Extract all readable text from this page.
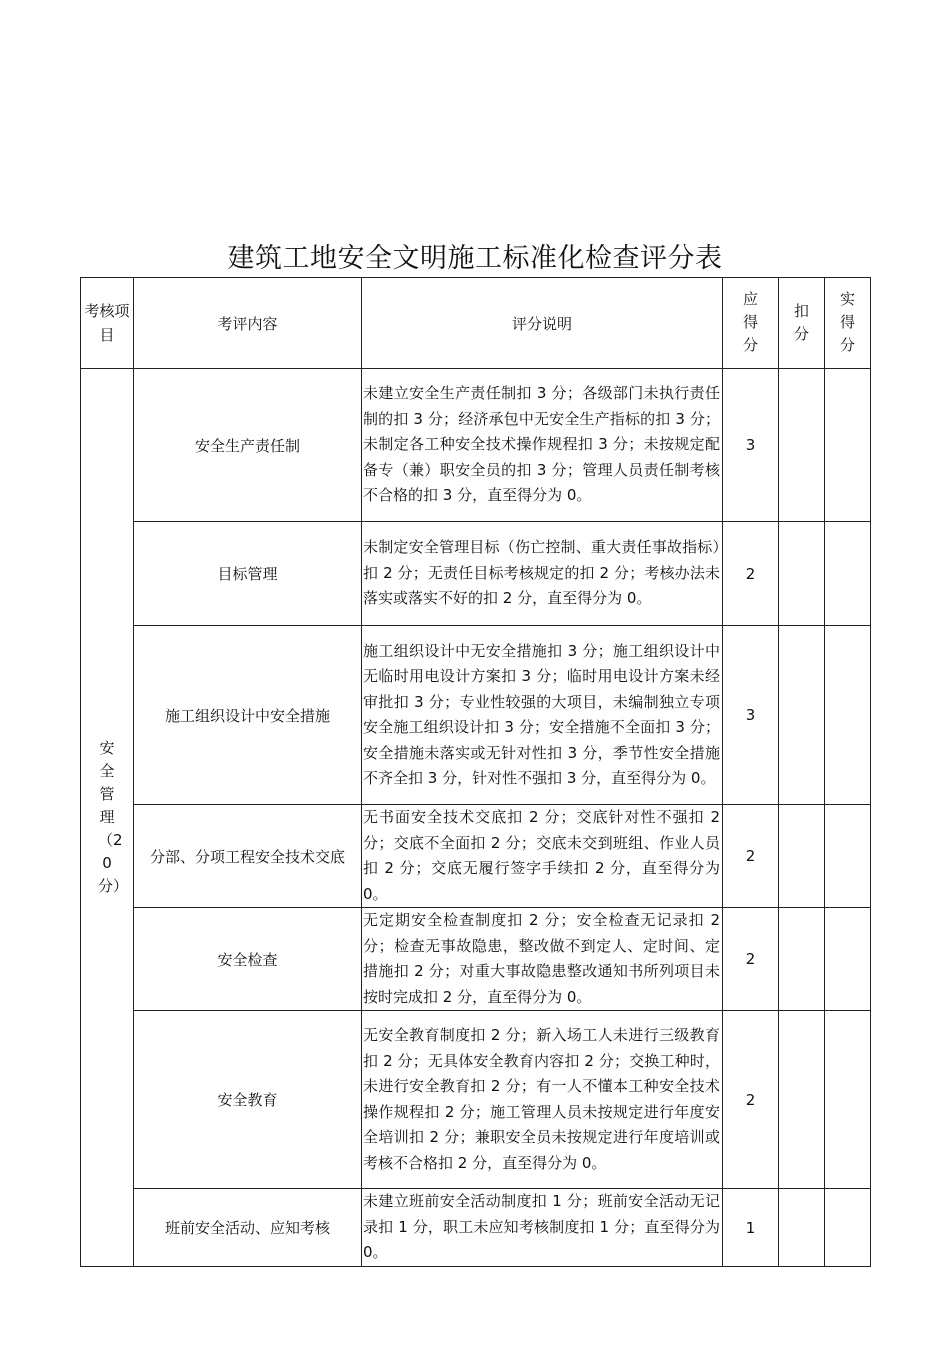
建筑工地安全文明施工标准化检查评分表
考核项目	考评内容	评分说明	应得分	扣分	实得分
安全管理（20分）	安全生产责任制	未建立安全生产责任制扣 3 分；各级部门未执行责任制的扣 3 分；经济承包中无安全生产指标的扣 3 分；未制定各工种安全技术操作规程扣 3 分；未按规定配备专（兼）职安全员的扣 3 分；管理人员责任制考核不合格的扣 3 分，直至得分为 0。	3		
	目标管理	未制定安全管理目标（伤亡控制、重大责任事故指标）扣 2 分；无责任目标考核规定的扣 2 分；考核办法未落实或落实不好的扣 2 分，直至得分为 0。	2		
	施工组织设计中安全措施	施工组织设计中无安全措施扣 3 分；施工组织设计中无临时用电设计方案扣 3 分；临时用电设计方案未经审批扣 3 分；专业性较强的大项目，未编制独立专项安全施工组织设计扣 3 分；安全措施不全面扣 3 分；安全措施未落实或无针对性扣 3 分，季节性安全措施不齐全扣 3 分，针对性不强扣 3 分，直至得分为 0。	3		
	分部、分项工程安全技术交底	无书面安全技术交底扣 2 分；交底针对性不强扣 2 分；交底不全面扣 2 分；交底未交到班组、作业人员扣 2 分；交底无履行签字手续扣 2 分，直至得分为 0。	2		
	安全检查	无定期安全检查制度扣 2 分；安全检查无记录扣 2 分；检查无事故隐患，整改做不到定人、定时间、定措施扣 2 分；对重大事故隐患整改通知书所列项目未按时完成扣 2 分，直至得分为 0。	2		
	安全教育	无安全教育制度扣 2 分；新入场工人未进行三级教育扣 2 分；无具体安全教育内容扣 2 分；交换工种时，未进行安全教育扣 2 分；有一人不懂本工种安全技术操作规程扣 2 分；施工管理人员未按规定进行年度安全培训扣 2 分；兼职安全员未按规定进行年度培训或考核不合格扣 2 分，直至得分为 0。	2		
	班前安全活动、应知考核	未建立班前安全活动制度扣 1 分；班前安全活动无记录扣 1 分，职工未应知考核制度扣 1 分；直至得分为 0。	1		
